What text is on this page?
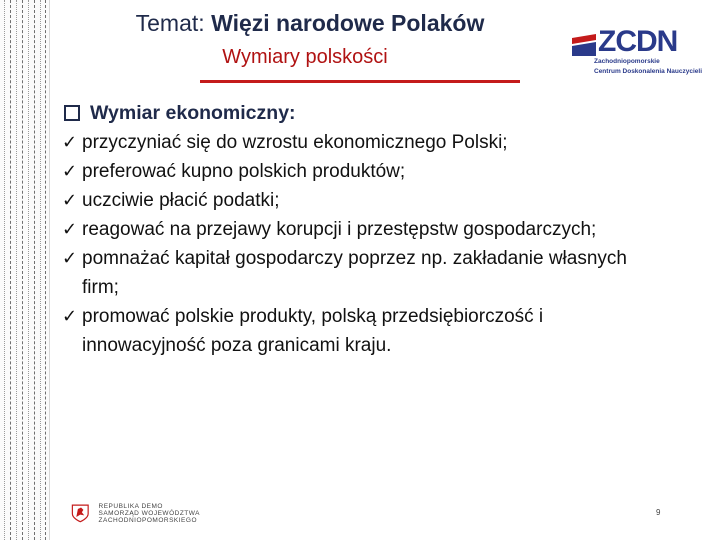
Temat: Więzi narodowe Polaków
Wymiary polskości	ZCDN
Zachodniopomorskie
Centrum Doskonalenia Nauczycieli
Wymiar ekonomiczny:
✓ przyczyniać się do wzrostu ekonomicznego Polski;
✓ preferować kupno polskich produktów;
✓ uczciwie płacić podatki;
✓ reagować na przejawy korupcji i przestępstw gospodarczych;
✓ pomnażać kapitał gospodarczy poprzez np. zakładanie własnych firm;
✓ promować polskie produkty, polską przedsiębiorczość i innowacyjność poza granicami kraju.
REPUBLIKA DEMO
SAMORZĄD WOJEWÓDZTWA
ZACHODNIOPOMORSKIEGO
9
